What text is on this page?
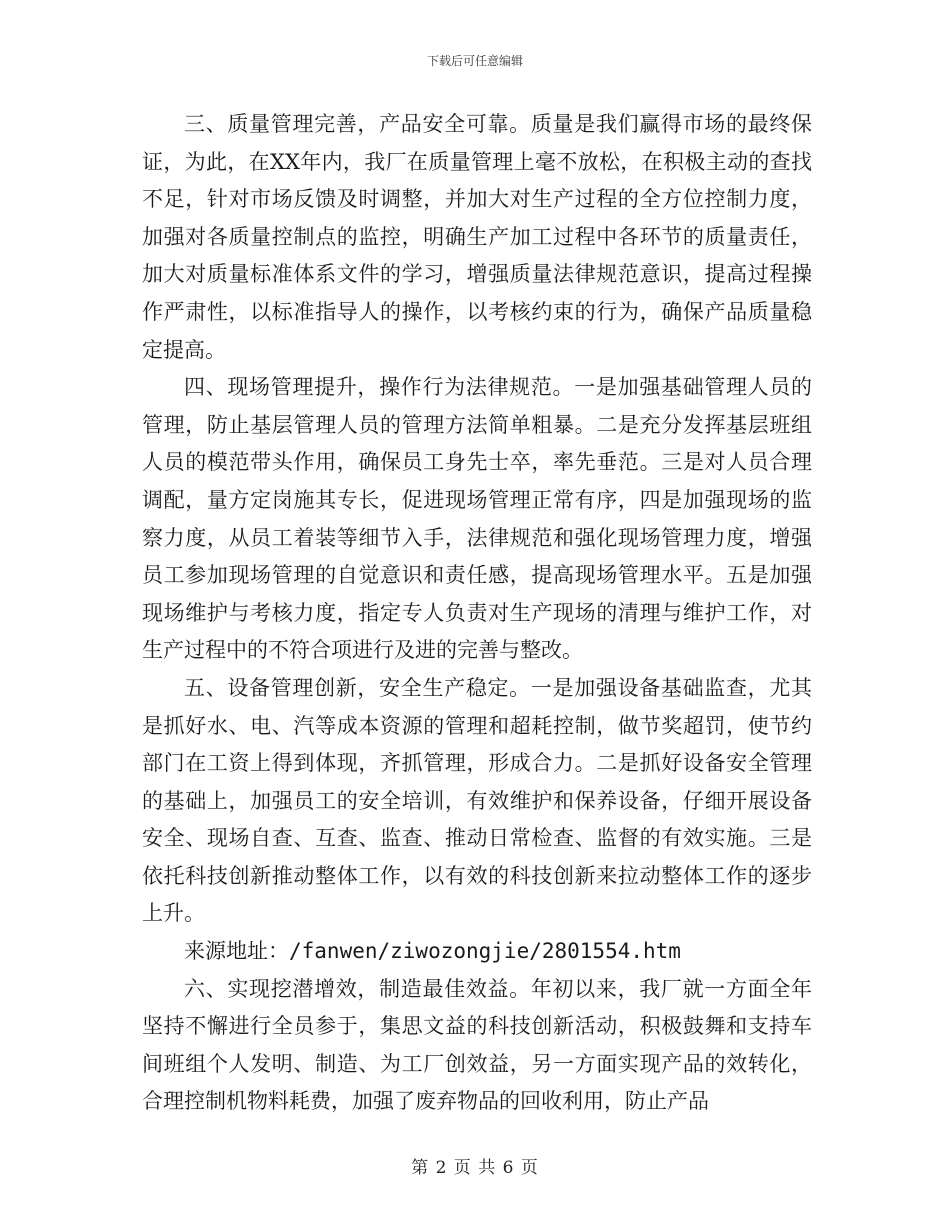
下载后可任意编辑

三、质量管理完善，产品安全可靠。质量是我们赢得市场的最终保证，为此，在XX年内，我厂在质量管理上毫不放松，在积极主动的查找不足，针对市场反馈及时调整，并加大对生产过程的全方位控制力度，加强对各质量控制点的监控，明确生产加工过程中各环节的质量责任，加大对质量标准体系文件的学习，增强质量法律规范意识，提高过程操作严肃性，以标准指导人的操作，以考核约束的行为，确保产品质量稳定提高。

四、现场管理提升，操作行为法律规范。一是加强基础管理人员的管理，防止基层管理人员的管理方法简单粗暴。二是充分发挥基层班组人员的模范带头作用，确保员工身先士卒，率先垂范。三是对人员合理调配，量方定岗施其专长，促进现场管理正常有序，四是加强现场的监察力度，从员工着装等细节入手，法律规范和强化现场管理力度，增强员工参加现场管理的自觉意识和责任感，提高现场管理水平。五是加强现场维护与考核力度，指定专人负责对生产现场的清理与维护工作，对生产过程中的不符合项进行及进的完善与整改。

五、设备管理创新，安全生产稳定。一是加强设备基础监查，尤其是抓好水、电、汽等成本资源的管理和超耗控制，做节奖超罚，使节约部门在工资上得到体现，齐抓管理，形成合力。二是抓好设备安全管理的基础上，加强员工的安全培训，有效维护和保养设备，仔细开展设备安全、现场自查、互查、监查、推动日常检查、监督的有效实施。三是依托科技创新推动整体工作，以有效的科技创新来拉动整体工作的逐步上升。

来源地址：/fanwen/ziwozongjie/2801554.htm

六、实现挖潜增效，制造最佳效益。年初以来，我厂就一方面全年坚持不懈进行全员参于，集思文益的科技创新活动，积极鼓舞和支持车间班组个人发明、制造、为工厂创效益，另一方面实现产品的效转化，合理控制机物料耗费，加强了废弃物品的回收利用，防止产品

第 2 页 共 6 页
